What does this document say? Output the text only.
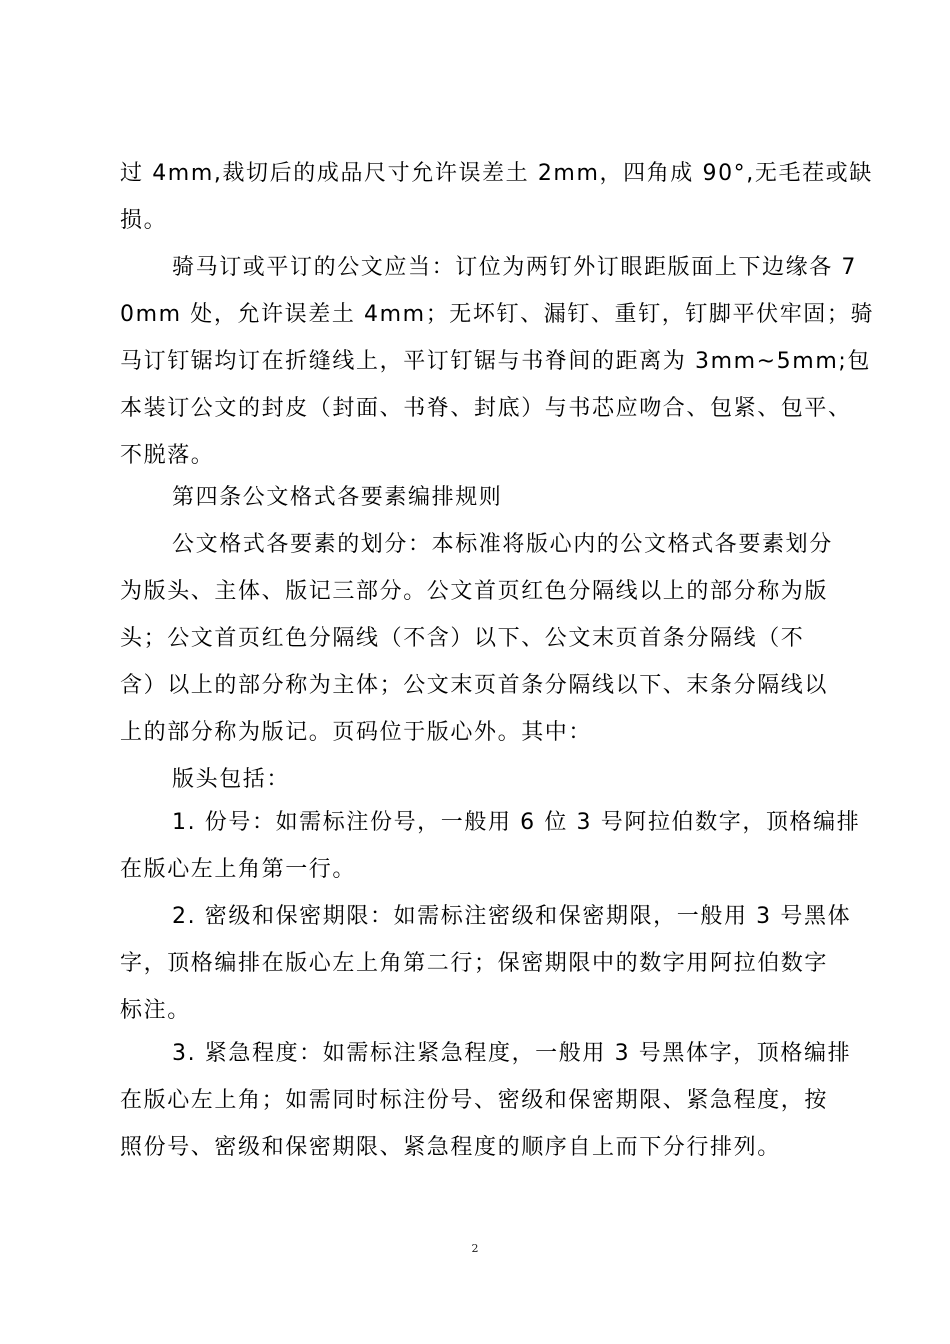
过 4mm,裁切后的成品尺寸允许误差土 2mm，四角成 90°,无毛茬或缺
损。
骑马订或平订的公文应当：订位为两钉外订眼距版面上下边缘各 7
0mm 处，允许误差土 4mm；无坏钉、漏钉、重钉，钉脚平伏牢固；骑
马订钉锯均订在折缝线上，平订钉锯与书脊间的距离为 3mm~5mm;包
本装订公文的封皮（封面、书脊、封底）与书芯应吻合、包紧、包平、
不脱落。
第四条公文格式各要素编排规则
公文格式各要素的划分：本标准将版心内的公文格式各要素划分
为版头、主体、版记三部分。公文首页红色分隔线以上的部分称为版
头；公文首页红色分隔线（不含）以下、公文末页首条分隔线（不
含）以上的部分称为主体；公文末页首条分隔线以下、末条分隔线以
上的部分称为版记。页码位于版心外。其中：
版头包括：
1. 份号：如需标注份号，一般用 6 位 3 号阿拉伯数字，顶格编排
在版心左上角第一行。
2. 密级和保密期限：如需标注密级和保密期限，一般用 3 号黑体
字，顶格编排在版心左上角第二行；保密期限中的数字用阿拉伯数字
标注。
3. 紧急程度：如需标注紧急程度，一般用 3 号黑体字，顶格编排
在版心左上角；如需同时标注份号、密级和保密期限、紧急程度，按
照份号、密级和保密期限、紧急程度的顺序自上而下分行排列。
2
